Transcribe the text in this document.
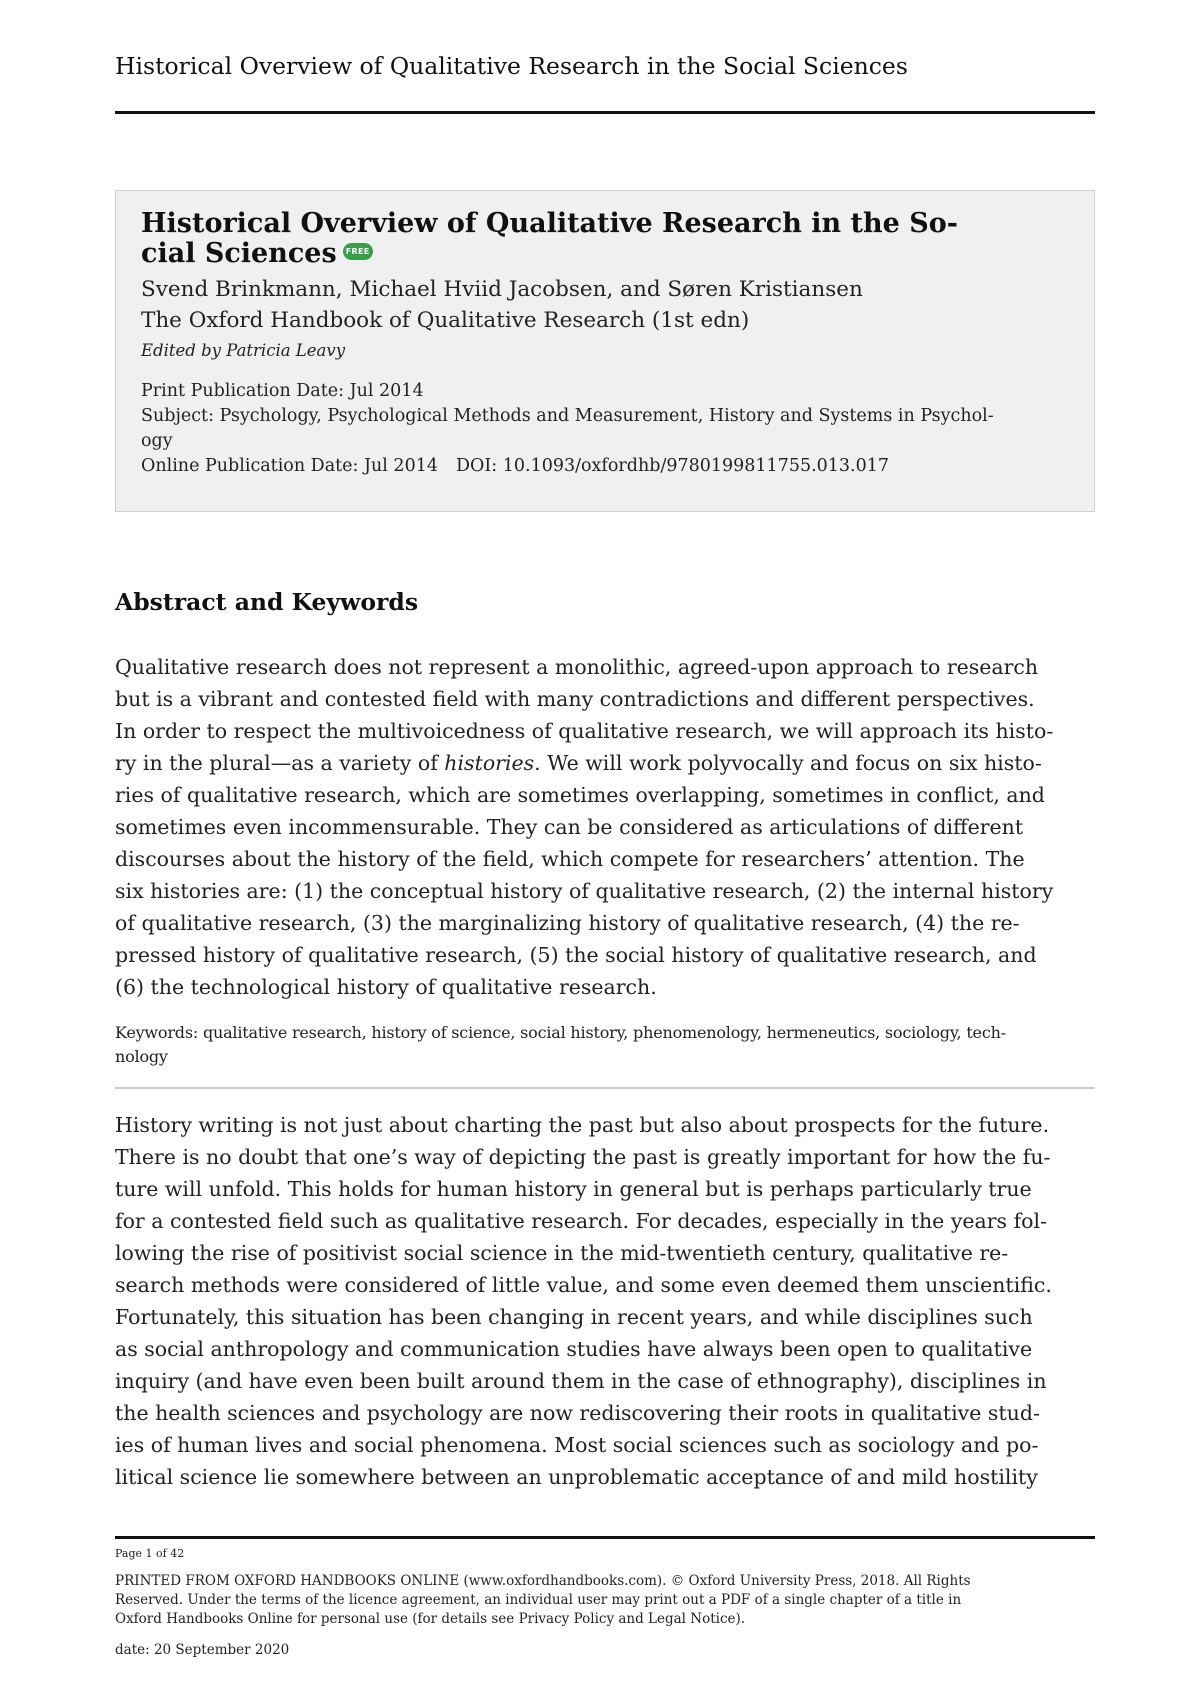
Historical Overview of Qualitative Research in the Social Sciences
Historical Overview of Qualitative Research in the So-
cial Sciences FREE
Svend Brinkmann, Michael Hviid Jacobsen, and Søren Kristiansen
The Oxford Handbook of Qualitative Research (1st edn)
Edited by Patricia Leavy
Print Publication Date: Jul 2014
Subject: Psychology, Psychological Methods and Measurement, History and Systems in Psychol-
ogy
Online Publication Date: Jul 2014 DOI: 10.1093/oxfordhb/9780199811755.013.017
Abstract and Keywords
Qualitative research does not represent a monolithic, agreed-upon approach to research
but is a vibrant and contested field with many contradictions and different perspectives.
In order to respect the multivoicedness of qualitative research, we will approach its histo-
ry in the plural—as a variety of histories. We will work polyvocally and focus on six histo-
ries of qualitative research, which are sometimes overlapping, sometimes in conflict, and
sometimes even incommensurable. They can be considered as articulations of different
discourses about the history of the field, which compete for researchers’ attention. The
six histories are: (1) the conceptual history of qualitative research, (2) the internal history
of qualitative research, (3) the marginalizing history of qualitative research, (4) the re-
pressed history of qualitative research, (5) the social history of qualitative research, and
(6) the technological history of qualitative research.
Keywords: qualitative research, history of science, social history, phenomenology, hermeneutics, sociology, tech-
nology
History writing is not just about charting the past but also about prospects for the future.
There is no doubt that one’s way of depicting the past is greatly important for how the fu-
ture will unfold. This holds for human history in general but is perhaps particularly true
for a contested field such as qualitative research. For decades, especially in the years fol-
lowing the rise of positivist social science in the mid-twentieth century, qualitative re-
search methods were considered of little value, and some even deemed them unscientific.
Fortunately, this situation has been changing in recent years, and while disciplines such
as social anthropology and communication studies have always been open to qualitative
inquiry (and have even been built around them in the case of ethnography), disciplines in
the health sciences and psychology are now rediscovering their roots in qualitative stud-
ies of human lives and social phenomena. Most social sciences such as sociology and po-
litical science lie somewhere between an unproblematic acceptance of and mild hostility
Page 1 of 42
PRINTED FROM OXFORD HANDBOOKS ONLINE (www.oxfordhandbooks.com). © Oxford University Press, 2018. All Rights
Reserved. Under the terms of the licence agreement, an individual user may print out a PDF of a single chapter of a title in
Oxford Handbooks Online for personal use (for details see Privacy Policy and Legal Notice).
date: 20 September 2020
